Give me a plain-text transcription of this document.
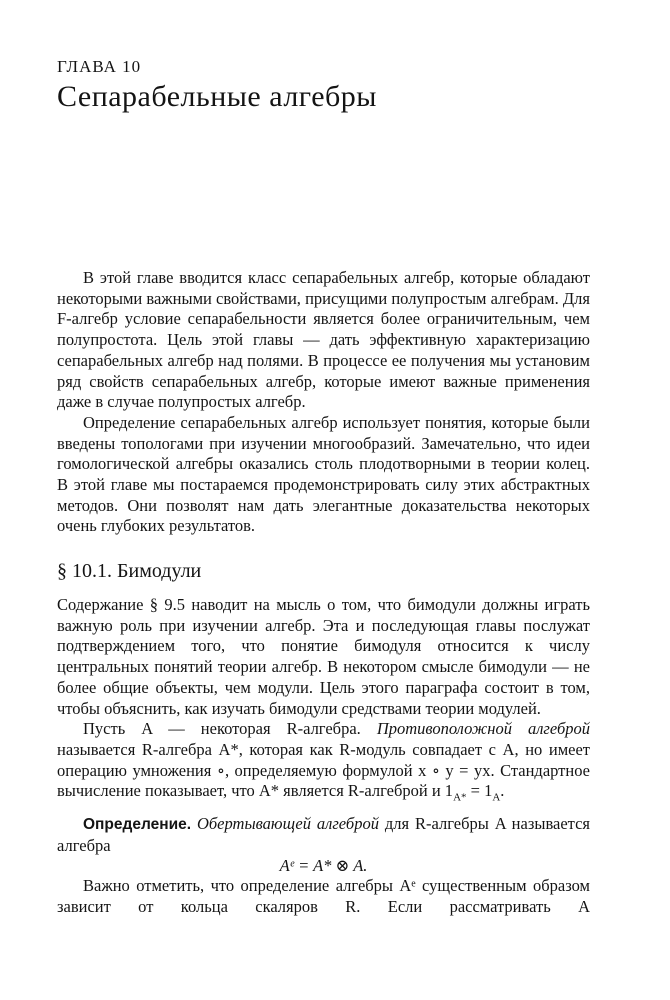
ГЛАВА 10
Сепарабельные алгебры

В этой главе вводится класс сепарабельных алгебр, которые обладают некоторыми важными свойствами, присущими полупростым алгебрам. Для F-алгебр условие сепарабельности является более ограничительным, чем полупростота. Цель этой главы — дать эффективную характеризацию сепарабельных алгебр над полями. В процессе ее получения мы установим ряд свойств сепарабельных алгебр, которые имеют важные применения даже в случае полупростых алгебр.

Определение сепарабельных алгебр использует понятия, которые были введены топологами при изучении многообразий. Замечательно, что идеи гомологической алгебры оказались столь плодотворными в теории колец. В этой главе мы постараемся продемонстрировать силу этих абстрактных методов. Они позволят нам дать элегантные доказательства некоторых очень глубоких результатов.

§ 10.1. Бимодули

Содержание § 9.5 наводит на мысль о том, что бимодули должны играть важную роль при изучении алгебр. Эта и последующая главы послужат подтверждением того, что понятие бимодуля относится к числу центральных понятий теории алгебр. В некотором смысле бимодули — не более общие объекты, чем модули. Цель этого параграфа состоит в том, чтобы объяснить, как изучать бимодули средствами теории модулей.

Пусть A — некоторая R-алгебра. Противоположной алгеброй называется R-алгебра A*, которая как R-модуль совпадает с A, но имеет операцию умножения ∘, определяемую формулой x ∘ y = yx. Стандартное вычисление показывает, что A* является R-алгеброй и $1_{A*} = 1_A$.

Определение. Обертывающей алгеброй для R-алгебры A называется алгебра

Aᵉ = A* ⊗ A.

Важно отметить, что определение алгебры Aᵉ существенным образом зависит от кольца скаляров R. Если рассматривать A
